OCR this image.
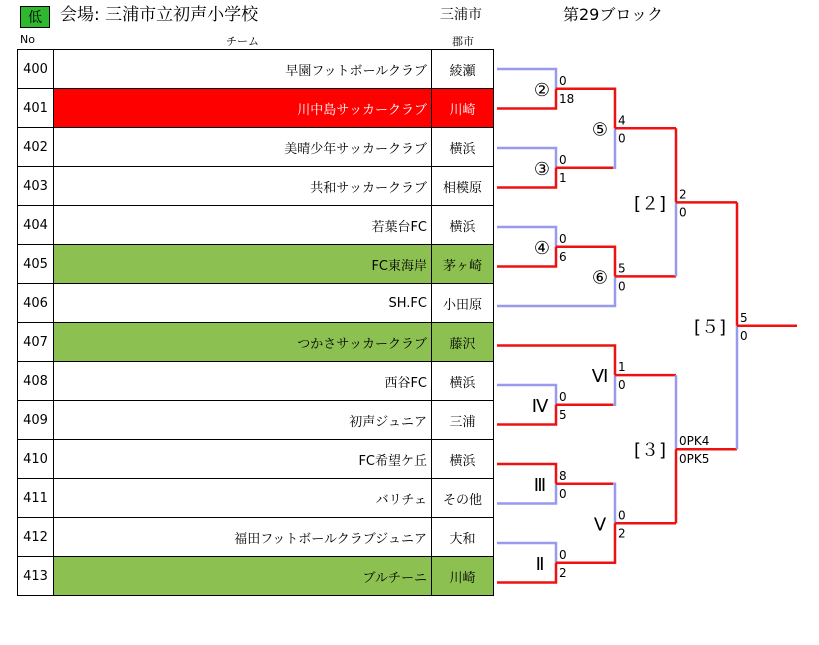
低	会場: 三浦市立初声小学校	三浦市	第29ブロック
No	チーム	郡市
400	早園フットボールクラブ	綾瀬
401	川中島サッカークラブ	川崎
402	美晴少年サッカークラブ	横浜
403	共和サッカークラブ	相模原
404	若葉台FC	横浜
405	FC東海岸	茅ヶ崎
406	SH.FC	小田原
407	つかさサッカークラブ	藤沢
408	西谷FC	横浜
409	初声ジュニア	三浦
410	FC希望ケ丘	横浜
411	バリチェ	その他
412	福田フットボールクラブジュニア	大和
413	ブルチーニ	川崎
0
18
②
0
1
③
0
6
④
0
5
Ⅳ
8
0
Ⅲ
0
2
Ⅱ
4
0
⑤
5
0
⑥
1
0
Ⅵ
0
2
Ⅴ
2
0
[２]
0PK4
0PK5
[３]
5
0
[５]
